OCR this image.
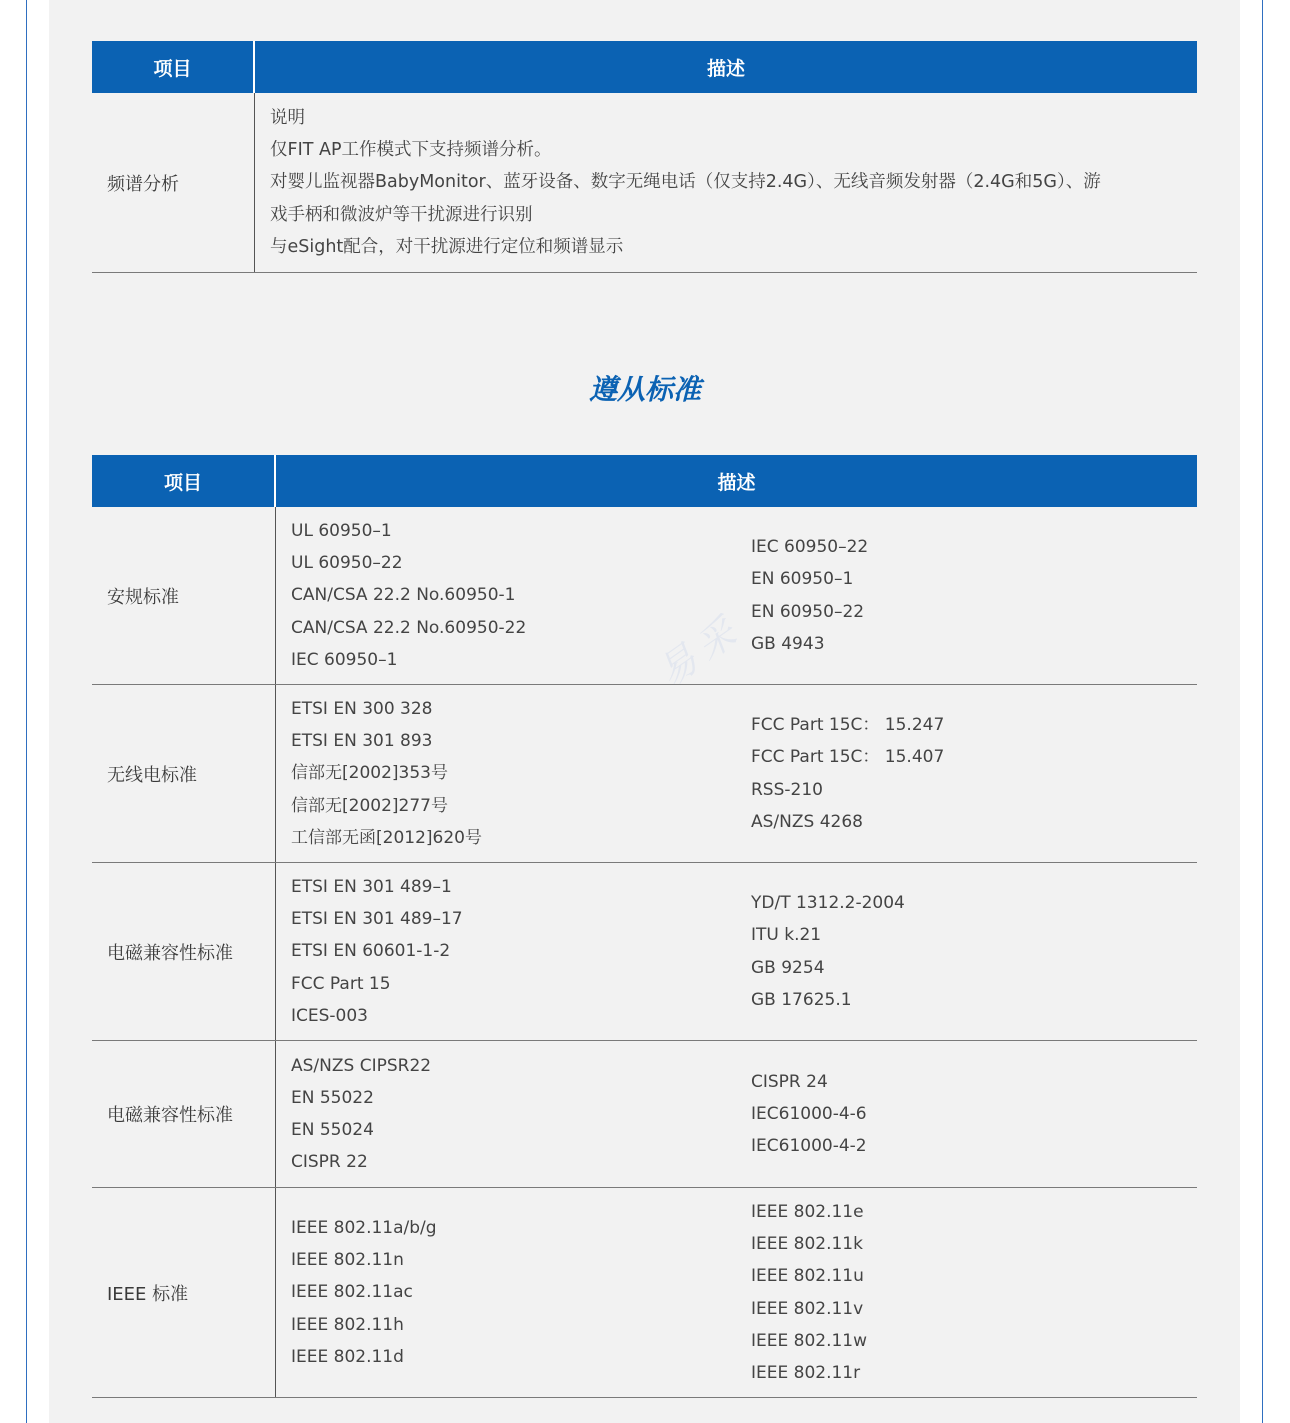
项目	描述
频谱分析
说明
仅FIT AP工作模式下支持频谱分析。
对婴儿监视器BabyMonitor、蓝牙设备、数字无绳电话（仅支持2.4G）、无线音频发射器（2.4G和5G）、游
戏手柄和微波炉等干扰源进行识别
与eSight配合，对干扰源进行定位和频谱显示
遵从标准
易采
项目	描述
安规标准
UL 60950–1
UL 60950–22
CAN/CSA 22.2 No.60950-1
CAN/CSA 22.2 No.60950-22
IEC 60950–1
IEC 60950–22
EN 60950–1
EN 60950–22
GB 4943
无线电标准
ETSI EN 300 328
ETSI EN 301 893
信部无[2002]353号
信部无[2002]277号
工信部无函[2012]620号
FCC Part 15C： 15.247
FCC Part 15C： 15.407
RSS-210
AS/NZS 4268
电磁兼容性标准
ETSI EN 301 489–1
ETSI EN 301 489–17
ETSI EN 60601-1-2
FCC Part 15
ICES-003
YD/T 1312.2-2004
ITU k.21
GB 9254
GB 17625.1
电磁兼容性标准
AS/NZS CIPSR22
EN 55022
EN 55024
CISPR 22
CISPR 24
IEC61000-4-6
IEC61000-4-2
IEEE 标准
IEEE 802.11a/b/g
IEEE 802.11n
IEEE 802.11ac
IEEE 802.11h
IEEE 802.11d
IEEE 802.11e
IEEE 802.11k
IEEE 802.11u
IEEE 802.11v
IEEE 802.11w
IEEE 802.11r
